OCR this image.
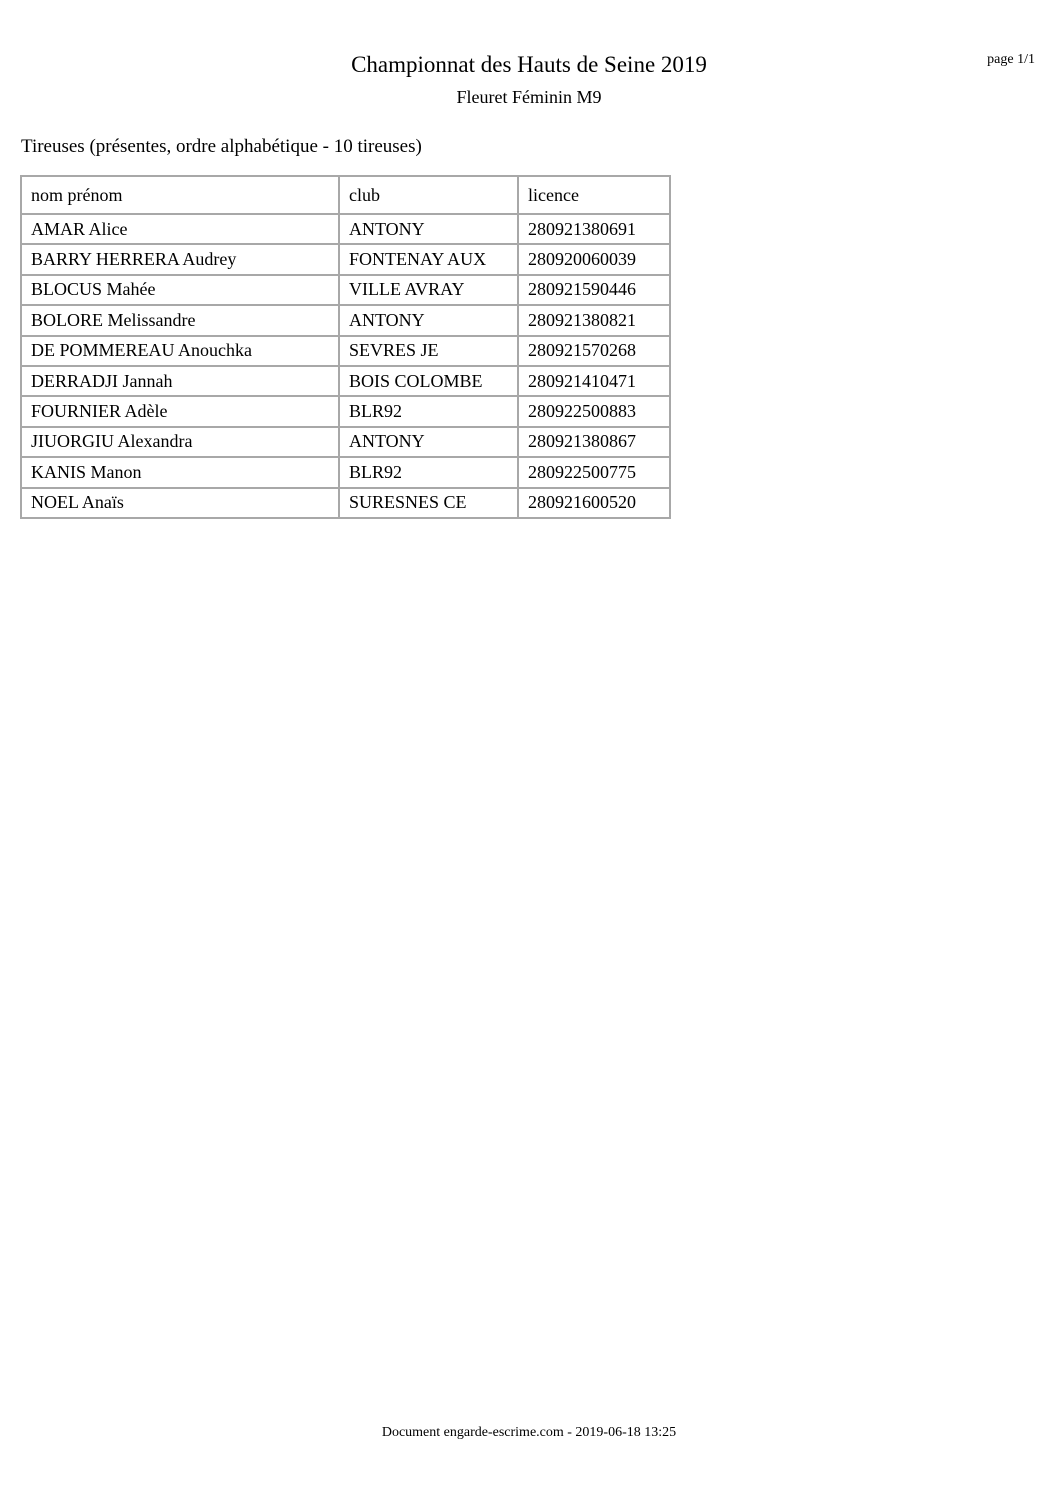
Championnat des Hauts de Seine 2019
Fleuret Féminin M9
page 1/1
Tireuses (présentes, ordre alphabétique - 10 tireuses)
nom prénom	club	licence
AMAR Alice	ANTONY	280921380691
BARRY HERRERA Audrey	FONTENAY AUX	280920060039
BLOCUS Mahée	VILLE AVRAY	280921590446
BOLORE Melissandre	ANTONY	280921380821
DE POMMEREAU Anouchka	SEVRES JE	280921570268
DERRADJI Jannah	BOIS COLOMBE	280921410471
FOURNIER Adèle	BLR92	280922500883
JIUORGIU Alexandra	ANTONY	280921380867
KANIS Manon	BLR92	280922500775
NOEL Anaïs	SURESNES CE	280921600520
Document engarde-escrime.com - 2019-06-18 13:25
